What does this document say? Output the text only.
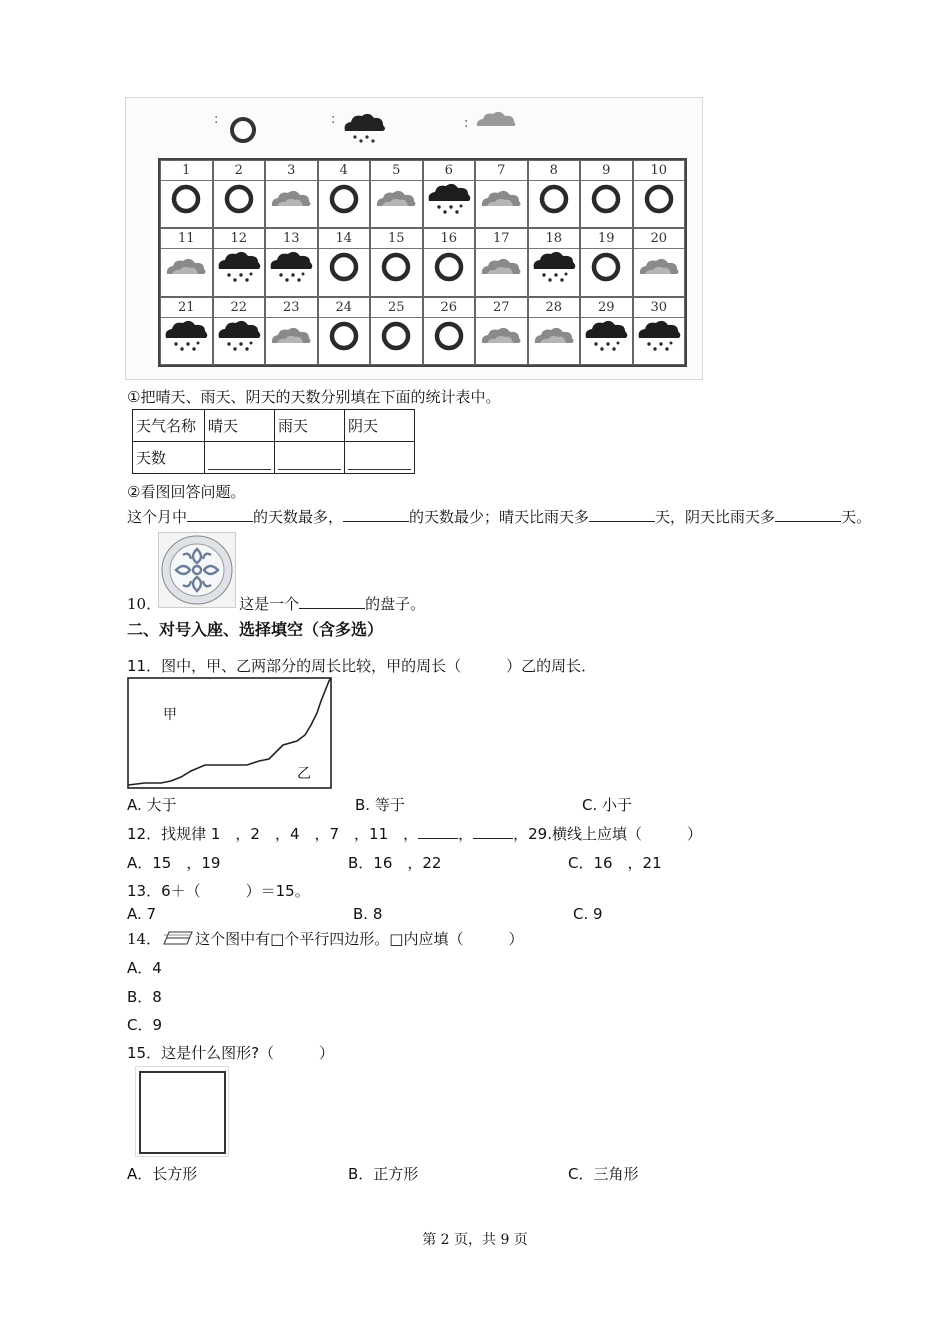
:	:	:
1	2	3	4	5	6	7	8	9	10
11	12	13	14	15	16	17	18	19	20
21	22	23	24	25	26	27	28	29	30
①把晴天、雨天、阴天的天数分别填在下面的统计表中。
天气名称	晴天	雨天	阴天
天数	

②看图回答问题。
这个月中	的天数最多，	的天数最少；晴天比雨天多	天，阴天比雨天多	天。
10．	这是一个	的盘子。
二、对号入座、选择填空（含多选）
11．图中，甲、乙两部分的周长比较，甲的周长（　　　）乙的周长．
甲
乙
A. 大于	B. 等于	C. 小于
12．找规律 1　，2　，4　，7　，11　，	，	，29.横线上应填（　　　）
A．15　，19	B．16　，22	C．16　，21
13．6＋（　　　）＝15。
A. 7	B. 8	C. 9
14． 这个图中有□个平行四边形。□内应填（　　　）
A．4
B．8
C．9
15．这是什么图形?（　　　）
A．长方形	B．正方形	C．三角形
第 2 页，共 9 页
